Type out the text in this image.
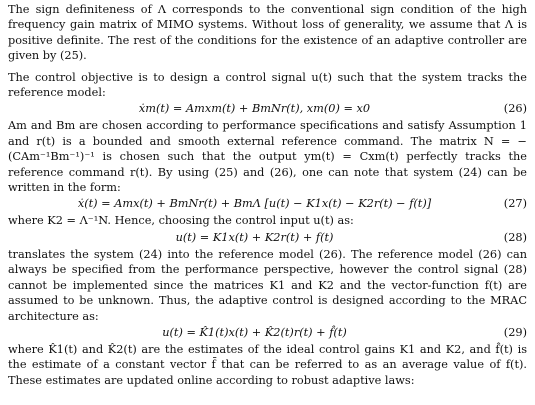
The sign definiteness of Λ corresponds to the conventional sign condition of the high frequency gain matrix of MIMO systems. Without loss of generality, we assume that Λ is positive definite. The rest of the conditions for the existence of an adaptive controller are given by (25).

The control objective is to design a control signal u(t) such that the system tracks the reference model:

ẋm(t) = Amxm(t) + BmNr(t), xm(0) = x0	(26)

Am and Bm are chosen according to performance specifications and satisfy Assumption 1 and r(t) is a bounded and smooth external reference command. The matrix N = − (CAm⁻¹Bm⁻¹)⁻¹ is chosen such that the output ym(t) = Cxm(t) perfectly tracks the reference command r(t). By using (25) and (26), one can note that system (24) can be written in the form:

ẋ(t) = Amx(t) + BmNr(t) + BmΛ [u(t) − K1x(t) − K2r(t) − f(t)]	(27)

where K2 = Λ⁻¹N. Hence, choosing the control input u(t) as:

u(t) = K1x(t) + K2r(t) + f(t)	(28)

translates the system (24) into the reference model (26). The reference model (26) can always be specified from the performance perspective, however the control signal (28) cannot be implemented since the matrices K1 and K2 and the vector-function f(t) are assumed to be unknown. Thus, the adaptive control is designed according to the MRAC architecture as:

u(t) = K̂1(t)x(t) + K̂2(t)r(t) + f̂(t)	(29)

where K̂1(t) and K̂2(t) are the estimates of the ideal control gains K1 and K2, and f̂(t) is the estimate of a constant vector f̄ that can be referred to as an average value of f(t). These estimates are updated online according to robust adaptive laws:
